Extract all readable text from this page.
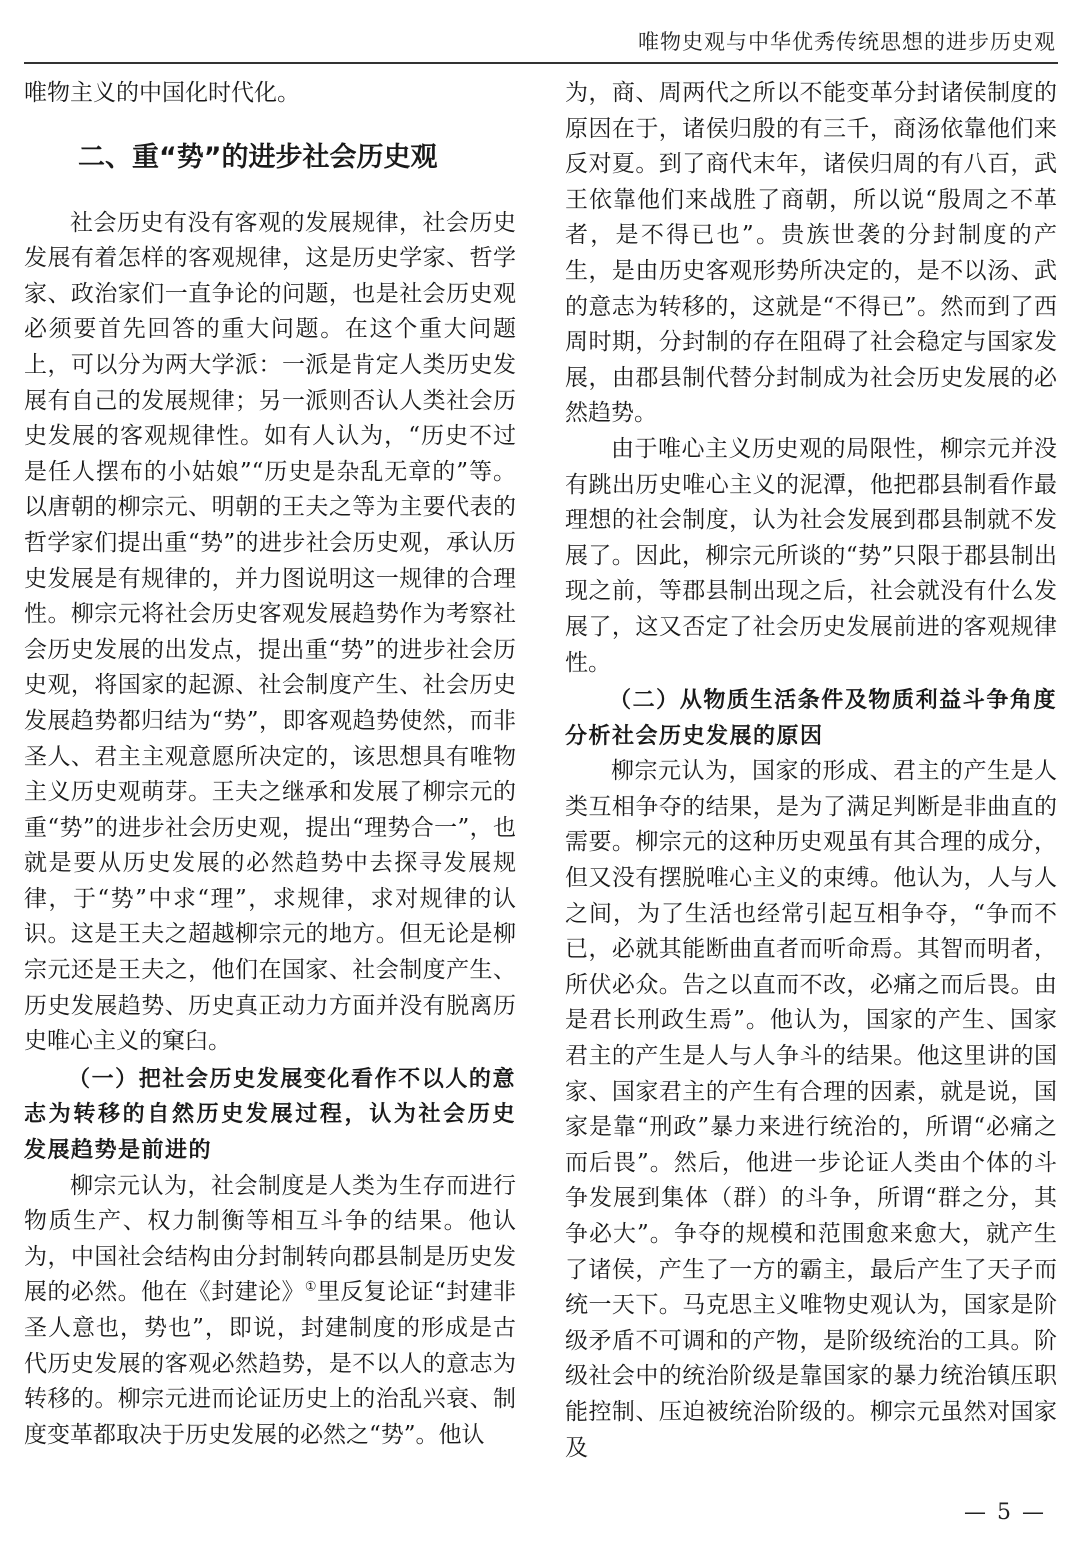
唯物史观与中华优秀传统思想的进步历史观

唯物主义的中国化时代化。

二、重“势”的进步社会历史观

社会历史有没有客观的发展规律，社会历史发展有着怎样的客观规律，这是历史学家、哲学家、政治家们一直争论的问题，也是社会历史观必须要首先回答的重大问题。在这个重大问题上，可以分为两大学派：一派是肯定人类历史发展有自己的发展规律；另一派则否认人类社会历史发展的客观规律性。如有人认为，“历史不过是任人摆布的小姑娘”“历史是杂乱无章的”等。以唐朝的柳宗元、明朝的王夫之等为主要代表的哲学家们提出重“势”的进步社会历史观，承认历史发展是有规律的，并力图说明这一规律的合理性。柳宗元将社会历史客观发展趋势作为考察社会历史发展的出发点，提出重“势”的进步社会历史观，将国家的起源、社会制度产生、社会历史发展趋势都归结为“势”，即客观趋势使然，而非圣人、君主主观意愿所决定的，该思想具有唯物主义历史观萌芽。王夫之继承和发展了柳宗元的重“势”的进步社会历史观，提出“理势合一”，也就是要从历史发展的必然趋势中去探寻发展规律，于“势”中求“理”，求规律，求对规律的认识。这是王夫之超越柳宗元的地方。但无论是柳宗元还是王夫之，他们在国家、社会制度产生、历史发展趋势、历史真正动力方面并没有脱离历史唯心主义的窠臼。

（一）把社会历史发展变化看作不以人的意志为转移的自然历史发展过程，认为社会历史发展趋势是前进的

柳宗元认为，社会制度是人类为生存而进行物质生产、权力制衡等相互斗争的结果。他认为，中国社会结构由分封制转向郡县制是历史发展的必然。他在《封建论》①里反复论证“封建非圣人意也，势也”，即说，封建制度的形成是古代历史发展的客观必然趋势，是不以人的意志为转移的。柳宗元进而论证历史上的治乱兴衰、制度变革都取决于历史发展的必然之“势”。他认

为，商、周两代之所以不能变革分封诸侯制度的原因在于，诸侯归殷的有三千，商汤依靠他们来反对夏。到了商代末年，诸侯归周的有八百，武王依靠他们来战胜了商朝，所以说“殷周之不革者，是不得已也”。贵族世袭的分封制度的产生，是由历史客观形势所决定的，是不以汤、武的意志为转移的，这就是“不得已”。然而到了西周时期，分封制的存在阻碍了社会稳定与国家发展，由郡县制代替分封制成为社会历史发展的必然趋势。

由于唯心主义历史观的局限性，柳宗元并没有跳出历史唯心主义的泥潭，他把郡县制看作最理想的社会制度，认为社会发展到郡县制就不发展了。因此，柳宗元所谈的“势”只限于郡县制出现之前，等郡县制出现之后，社会就没有什么发展了，这又否定了社会历史发展前进的客观规律性。

（二）从物质生活条件及物质利益斗争角度分析社会历史发展的原因

柳宗元认为，国家的形成、君主的产生是人类互相争夺的结果，是为了满足判断是非曲直的需要。柳宗元的这种历史观虽有其合理的成分，但又没有摆脱唯心主义的束缚。他认为，人与人之间，为了生活也经常引起互相争夺，“争而不已，必就其能断曲直者而听命焉。其智而明者，所伏必众。告之以直而不改，必痛之而后畏。由是君长刑政生焉”。他认为，国家的产生、国家君主的产生是人与人争斗的结果。他这里讲的国家、国家君主的产生有合理的因素，就是说，国家是靠“刑政”暴力来进行统治的，所谓“必痛之而后畏”。然后，他进一步论证人类由个体的斗争发展到集体（群）的斗争，所谓“群之分，其争必大”。争夺的规模和范围愈来愈大，就产生了诸侯，产生了一方的霸主，最后产生了天子而统一天下。马克思主义唯物史观认为，国家是阶级矛盾不可调和的产物，是阶级统治的工具。阶级社会中的统治阶级是靠国家的暴力统治镇压职能控制、压迫被统治阶级的。柳宗元虽然对国家及

— 5 —
